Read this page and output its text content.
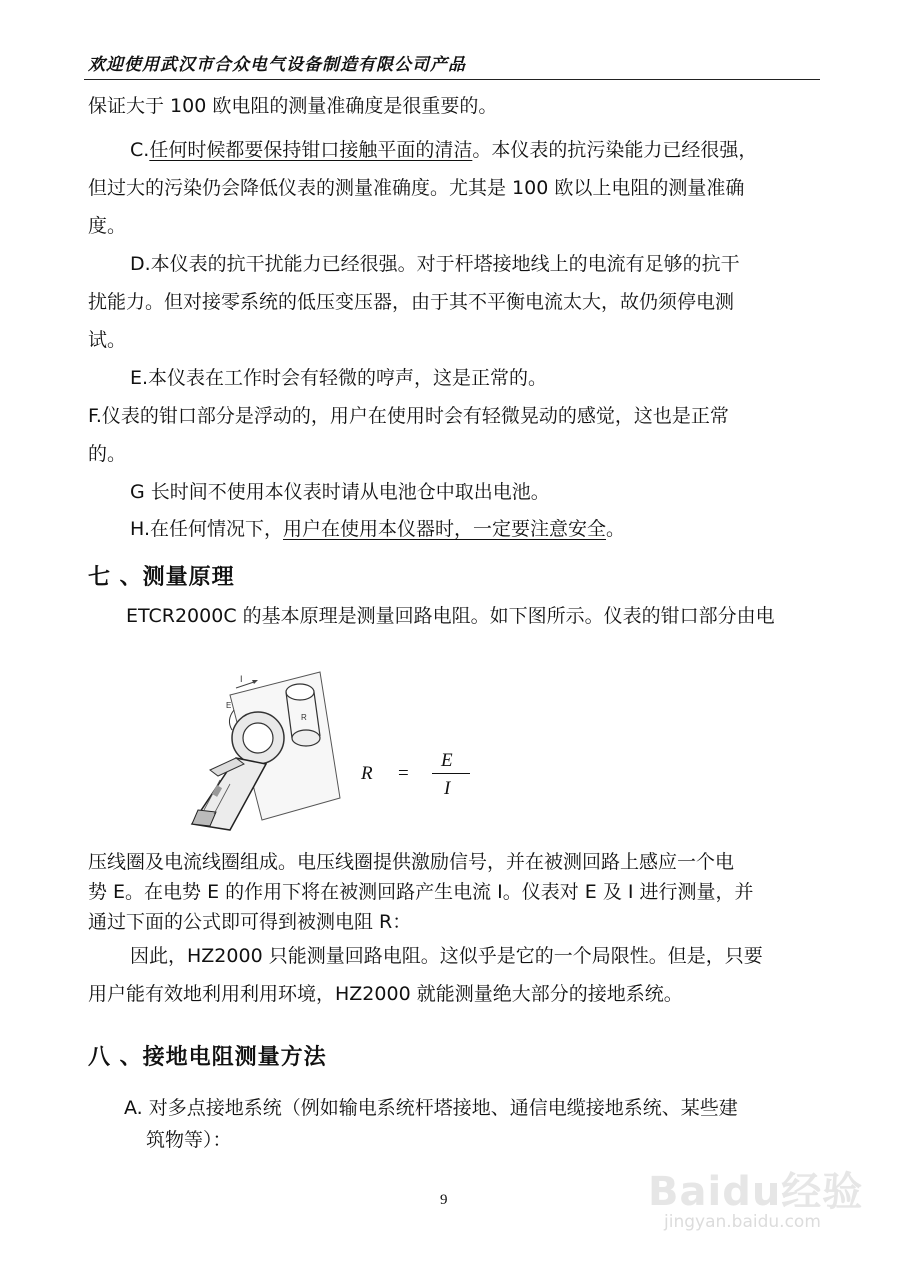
欢迎使用武汉市合众电气设备制造有限公司产品
保证大于 100 欧电阻的测量准确度是很重要的。
C.任何时候都要保持钳口接触平面的清洁。本仪表的抗污染能力已经很强，
但过大的污染仍会降低仪表的测量准确度。尤其是 100 欧以上电阻的测量准确
度。
D.本仪表的抗干扰能力已经很强。对于杆塔接地线上的电流有足够的抗干
扰能力。但对接零系统的低压变压器，由于其不平衡电流太大，故仍须停电测
试。
E.本仪表在工作时会有轻微的哼声，这是正常的。
F.仪表的钳口部分是浮动的，用户在使用时会有轻微晃动的感觉，这也是正常
的。
G 长时间不使用本仪表时请从电池仓中取出电池。
H.在任何情况下，用户在使用本仪器时，一定要注意安全。
七 、测量原理
ETCR2000C 的基本原理是测量回路电阻。如下图所示。仪表的钳口部分由电
I
R
E
R =
E
I
压线圈及电流线圈组成。电压线圈提供激励信号，并在被测回路上感应一个电
势 E。在电势 E 的作用下将在被测回路产生电流 I。仪表对 E 及 I 进行测量，并
通过下面的公式即可得到被测电阻 R：
因此，HZ2000 只能测量回路电阻。这似乎是它的一个局限性。但是，只要
用户能有效地利用利用环境，HZ2000 就能测量绝大部分的接地系统。
八 、接地电阻测量方法
A. 对多点接地系统（例如输电系统杆塔接地、通信电缆接地系统、某些建
筑物等）：
9	Baidu经验
jingyan.baidu.com
